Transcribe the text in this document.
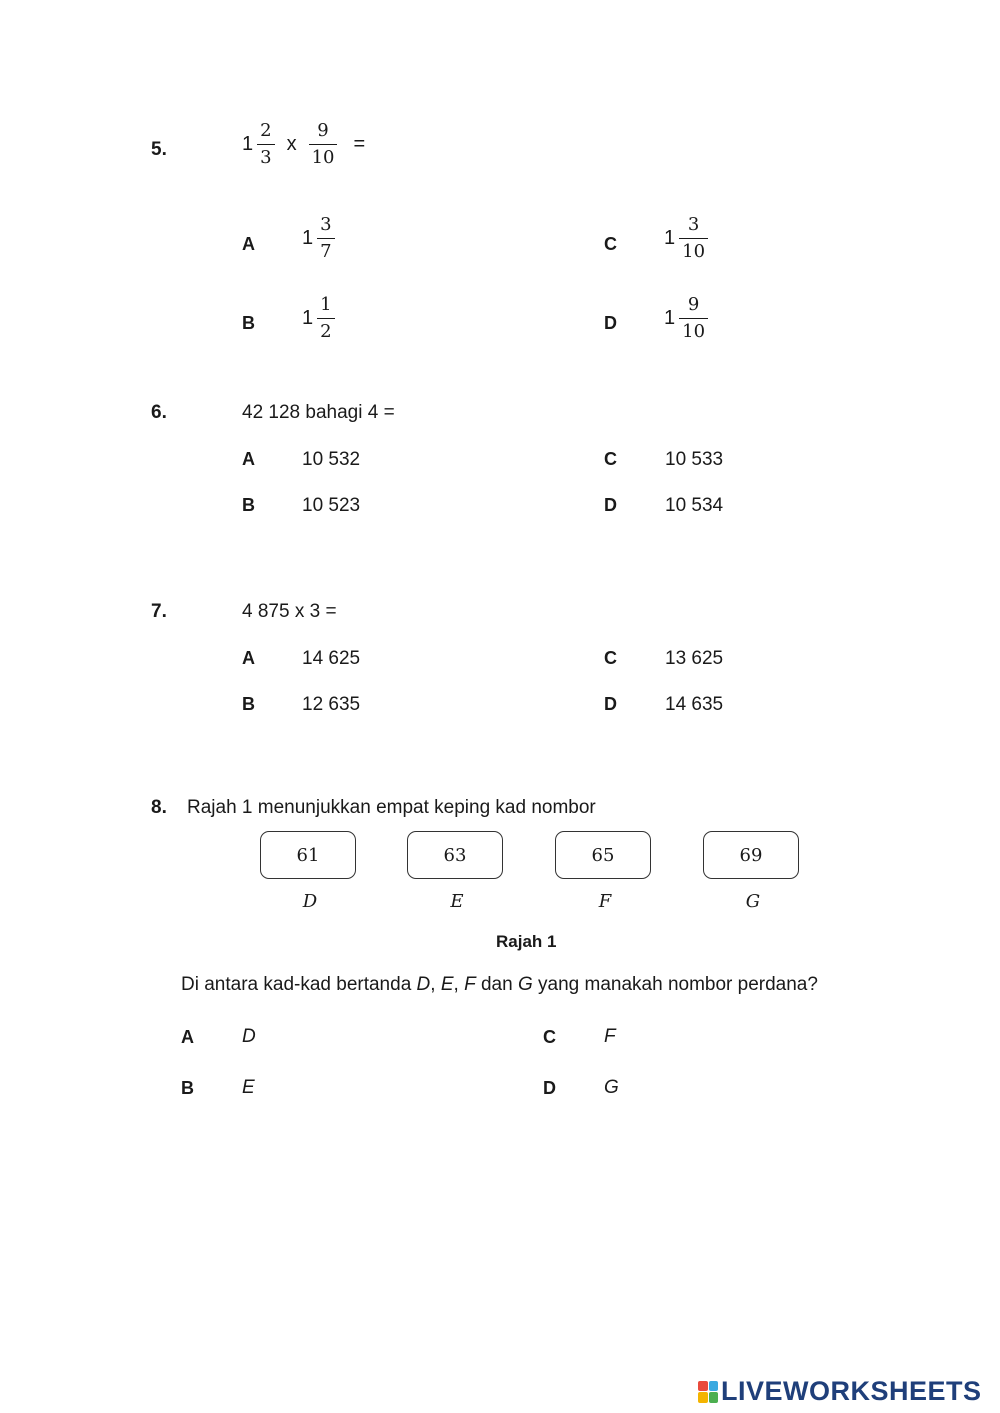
5.	$1 \frac{2}{3}$ x $\frac{9}{10}$ =
A $1 \frac{3}{7}$
B $1 \frac{1}{2}$
C $1 \frac{3}{10}$
D $1 \frac{9}{10}$
6.	42 128 bahagi 4 =
A 10 532
B 10 523
C	10 533
D	10 534
7.	4 875 x 3 =
A 14 625
B 12 635
C	13 625
D	14 635
8. Rajah 1 menunjukkan empat keping kad nombor
61	63	65	69
D	E	F	G
Rajah 1
Di antara kad-kad bertanda D, E, F dan G yang manakah nombor perdana?
A	D
B	E
C	F
D	G
LIVEWORKSHEETS
